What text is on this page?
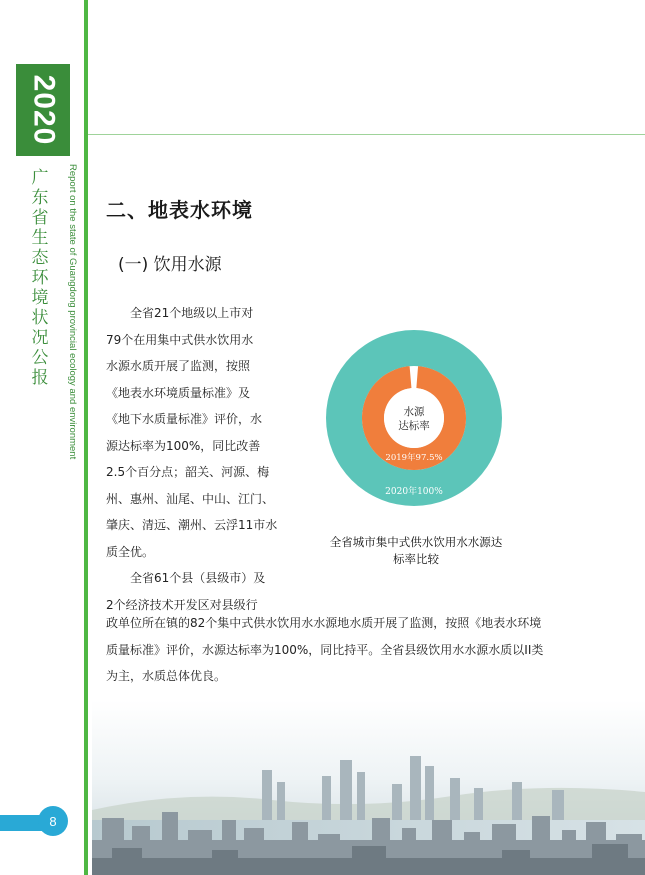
2020
广
东
省
生
态
环
境
状
况
公
报	Report on the state of Guangdong provincial ecology and environment 二、地表水环境
(一) 饮用水源
全省21个地级以上市对
79个在用集中式供水饮用水
水源水质开展了监测，按照
《地表水环境质量标准》及
《地下水质量标准》评价，水
源达标率为100%，同比改善
2.5个百分点；韶关、河源、梅
州、惠州、汕尾、中山、江门、
肇庆、清远、潮州、云浮11市水
质全优。
全省61个县（县级市）及
2个经济技术开发区对县级行
水源
达标率
2019年97.5%
2020年100%
全省城市集中式供水饮用水水源达标率比较
政单位所在镇的82个集中式供水饮用水水源地水质开展了监测，按照《地表水环境质量标准》评价，水源达标率为100%，同比持平。全省县级饮用水水源水质以II类为主，水质总体优良。
8
